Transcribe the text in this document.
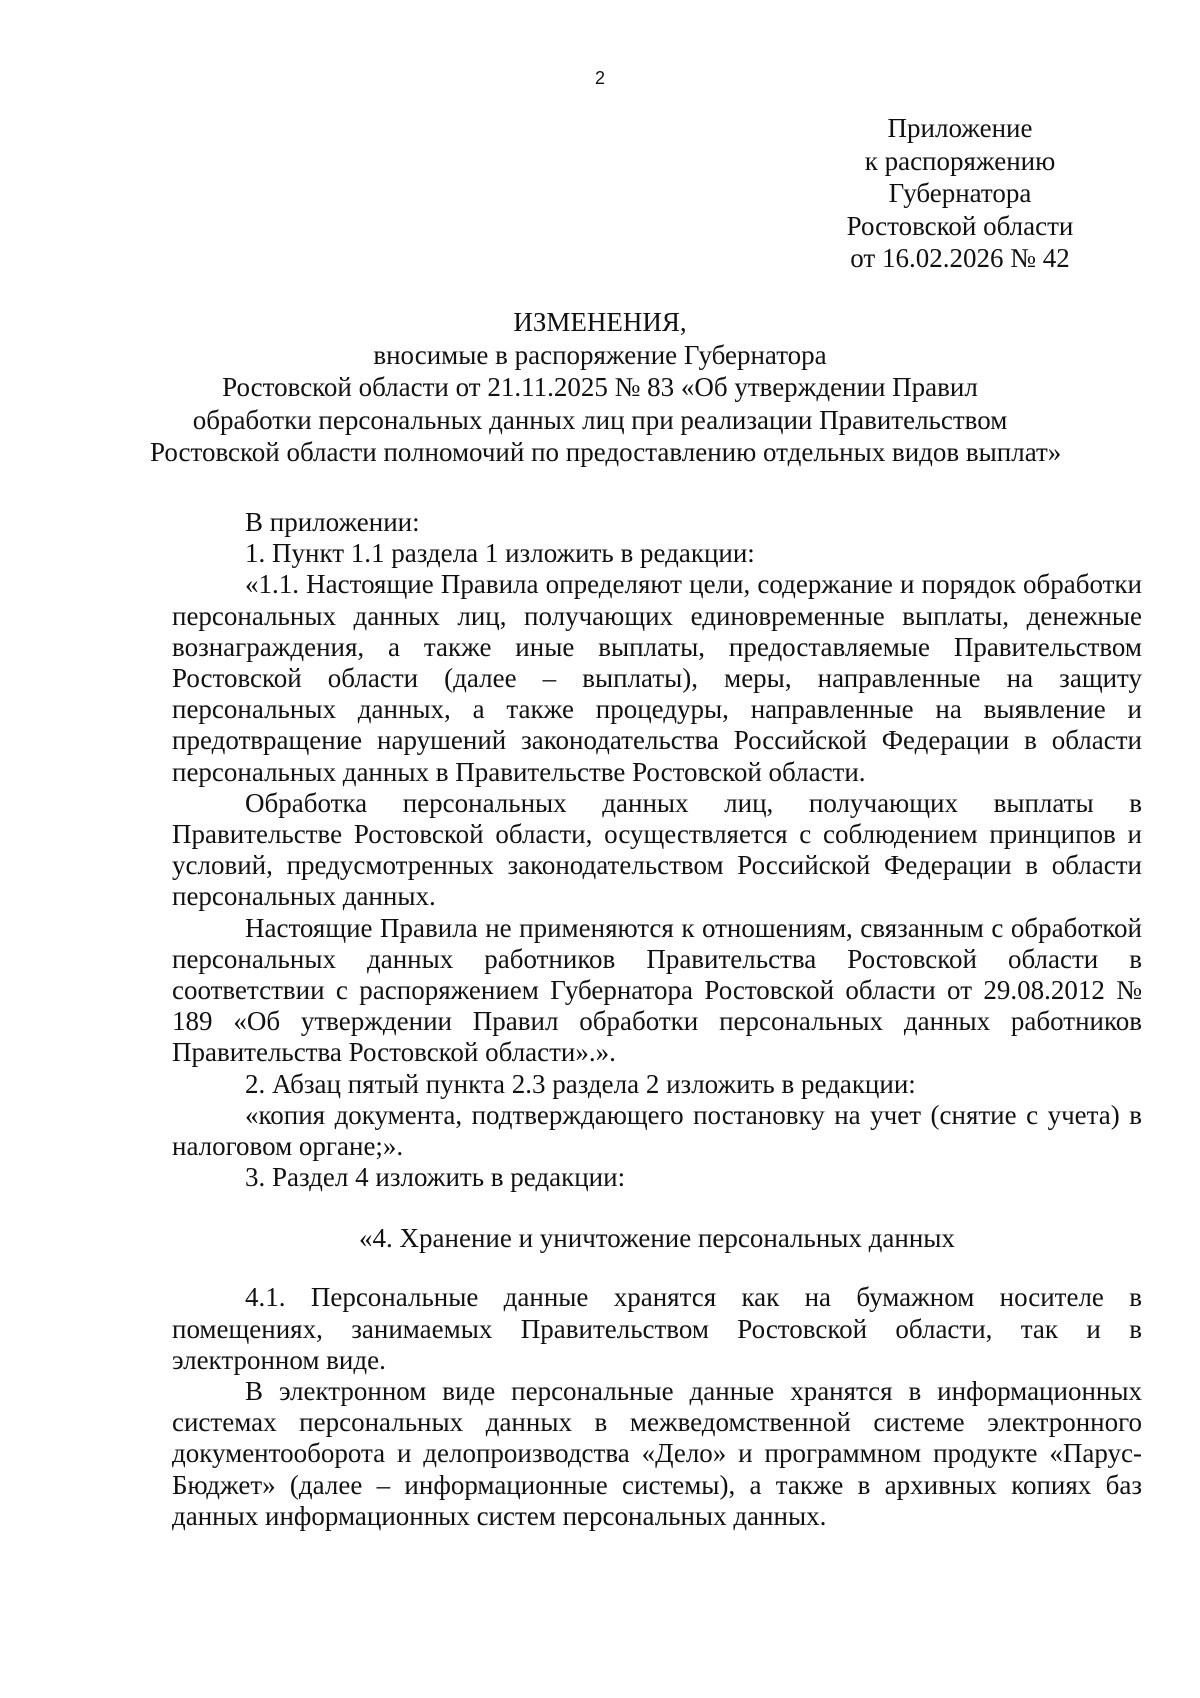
2
Приложение
к распоряжению
Губернатора
Ростовской области
от 16.02.2026 № 42
ИЗМЕНЕНИЯ,
вносимые в распоряжение Губернатора
Ростовской области от 21.11.2025 № 83 «Об утверждении Правил
обработки персональных данных лиц при реализации Правительством
Ростовской области полномочий по предоставлению отдельных видов выплат»

В приложении:

1. Пункт 1.1 раздела 1 изложить в редакции:

«1.1. Настоящие Правила определяют цели, содержание и порядок обработки персональных данных лиц, получающих единовременные выплаты, денежные вознаграждения, а также иные выплаты, предоставляемые Правительством Ростовской области (далее – выплаты), меры, направленные на защиту персональных данных, а также процедуры, направленные на выявление и предотвращение нарушений законодательства Российской Федерации в области персональных данных в Правительстве Ростовской области.

Обработка персональных данных лиц, получающих выплаты в Правительстве Ростовской области, осуществляется с соблюдением принципов и условий, предусмотренных законодательством Российской Федерации в области персональных данных.

Настоящие Правила не применяются к отношениям, связанным с обработкой персональных данных работников Правительства Ростовской области в соответствии с распоряжением Губернатора Ростовской области от 29.08.2012 № 189 «Об утверждении Правил обработки персональных данных работников Правительства Ростовской области».».

2. Абзац пятый пункта 2.3 раздела 2 изложить в редакции:

«копия документа, подтверждающего постановку на учет (снятие с учета) в налоговом органе;».

3. Раздел 4 изложить в редакции:

«4. Хранение и уничтожение персональных данных

4.1. Персональные данные хранятся как на бумажном носителе в помещениях, занимаемых Правительством Ростовской области, так и в электронном виде.

В электронном виде персональные данные хранятся в информационных системах персональных данных в межведомственной системе электронного документооборота и делопроизводства «Дело» и программном продукте «Парус-Бюджет» (далее – информационные системы), а также в архивных копиях баз данных информационных систем персональных данных.
